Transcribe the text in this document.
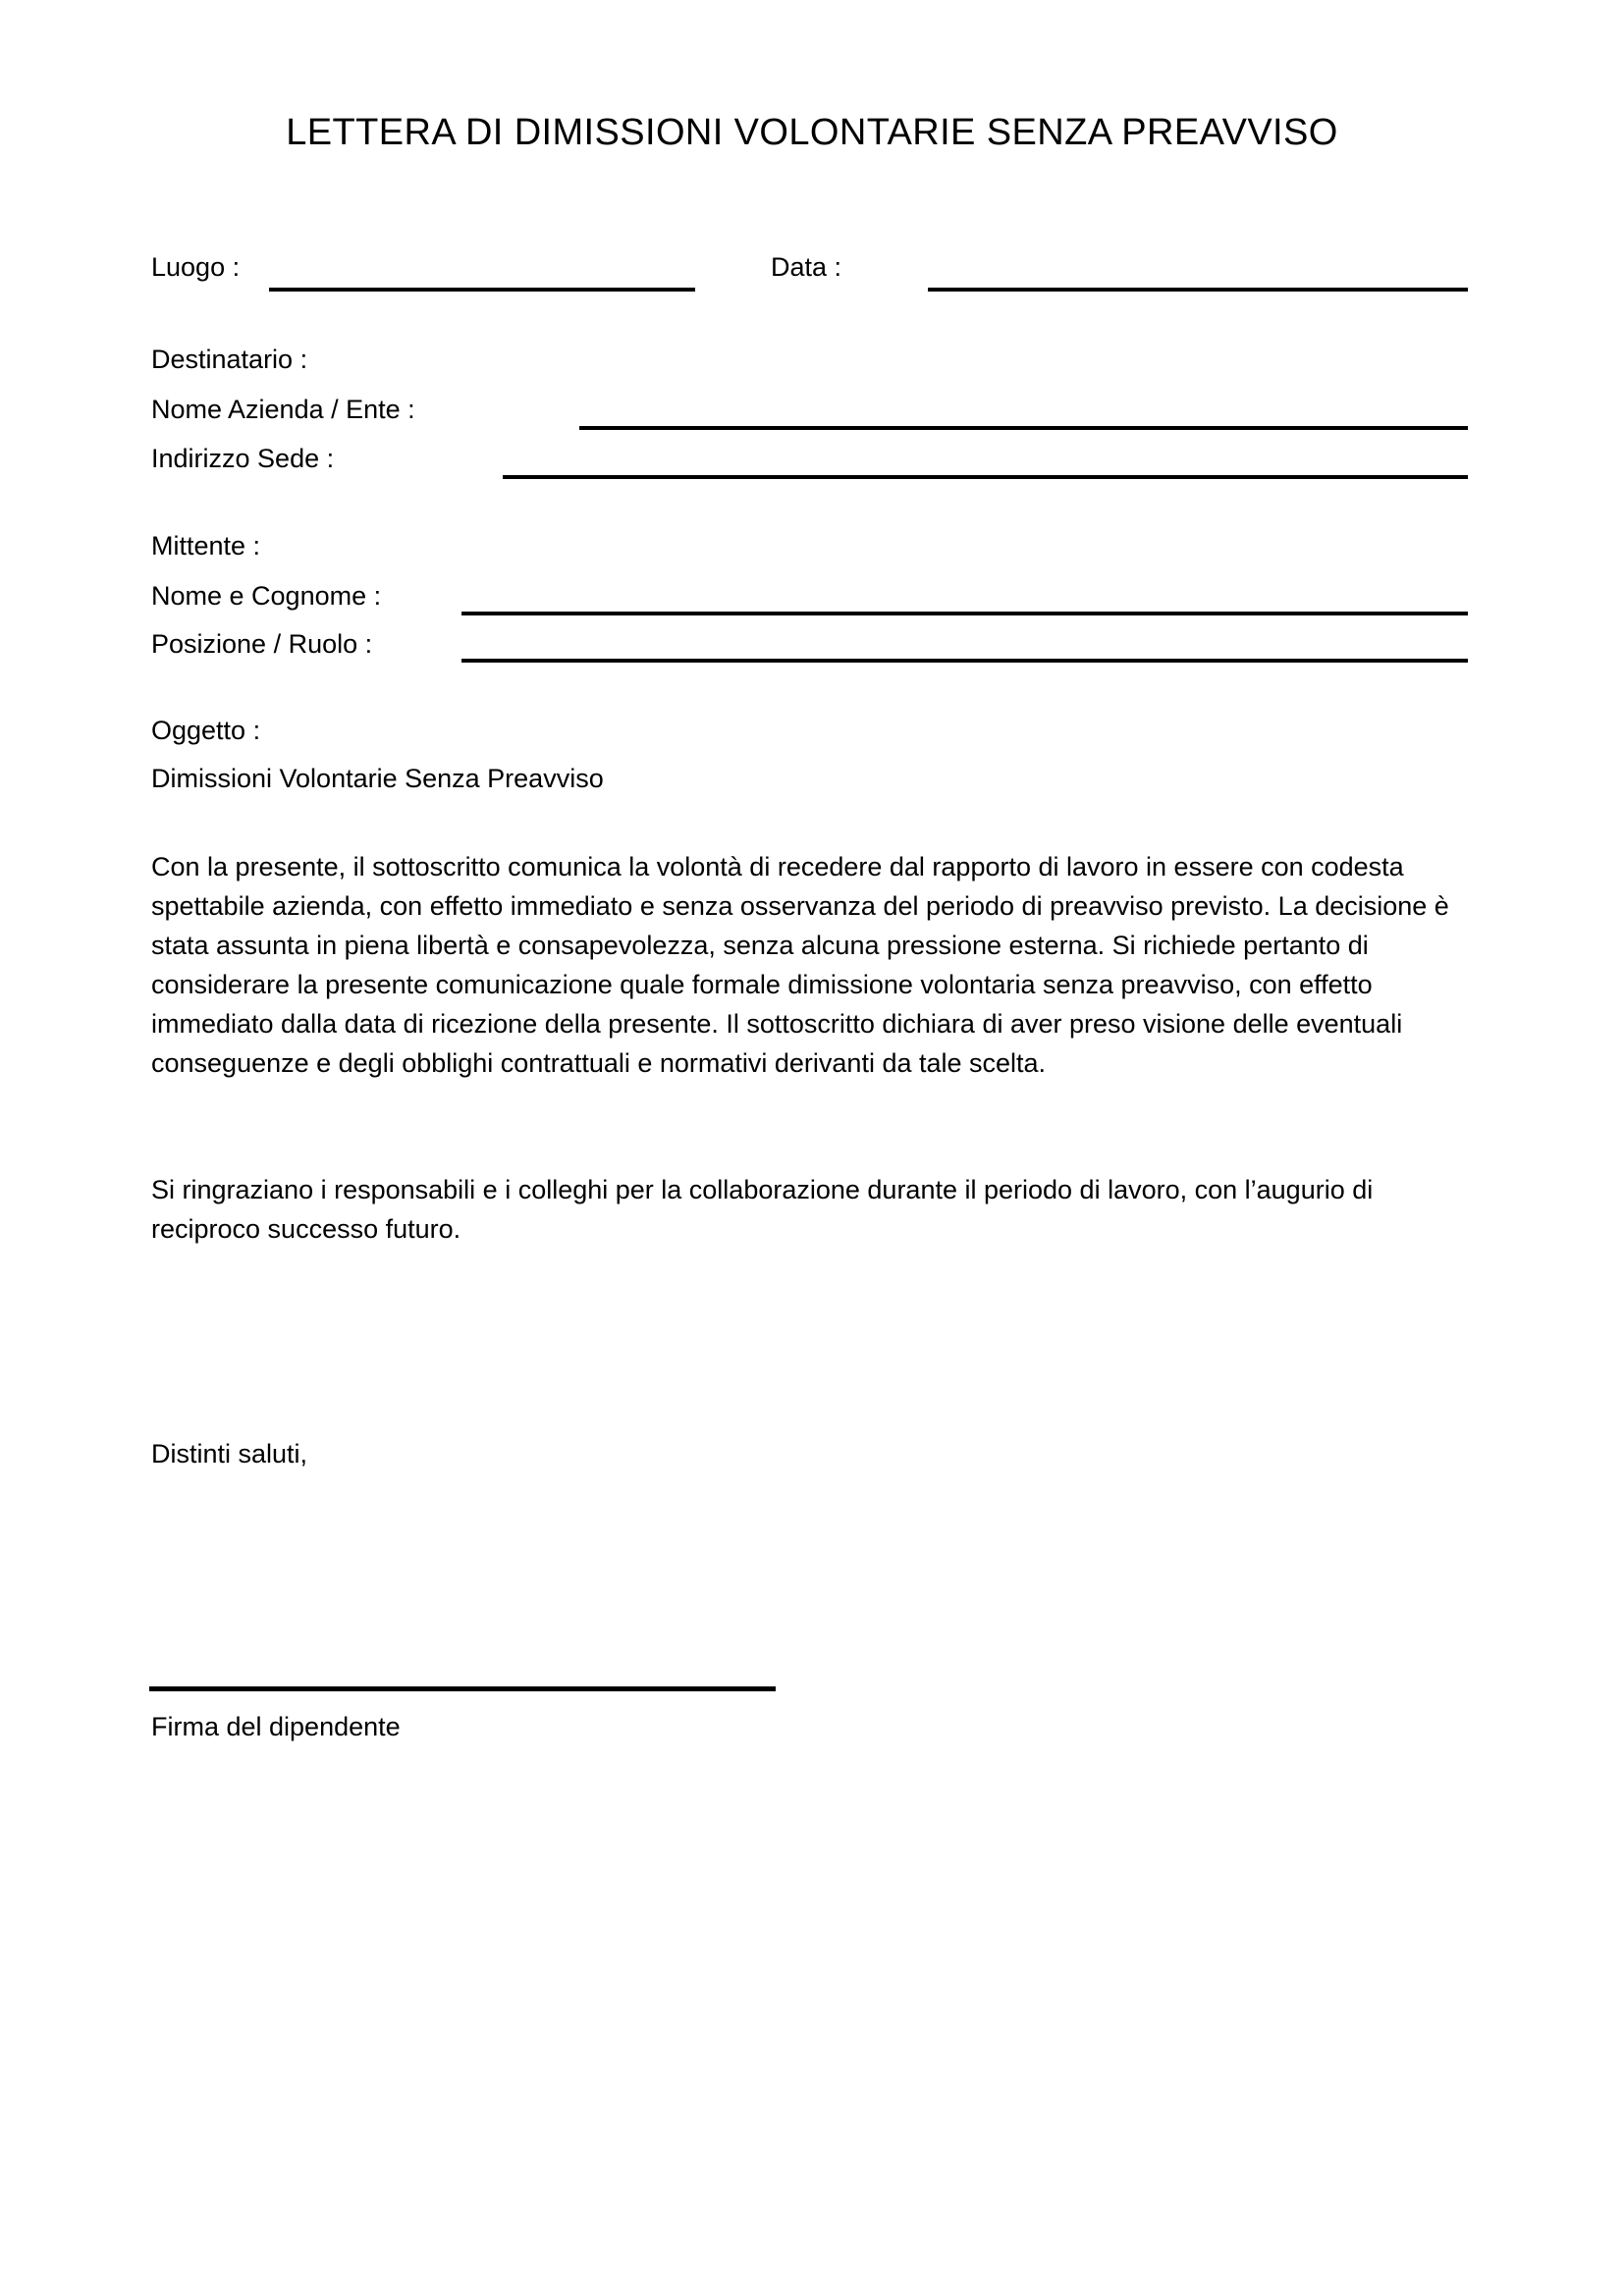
LETTERA DI DIMISSIONI VOLONTARIE SENZA PREAVVISO
Luogo :	Data :
Destinatario :
Nome Azienda / Ente :
Indirizzo Sede :
Mittente :
Nome e Cognome :
Posizione / Ruolo :
Oggetto :
Dimissioni Volontarie Senza Preavviso
Con la presente, il sottoscritto comunica la volontà di recedere dal rapporto di lavoro in essere con codesta spettabile azienda, con effetto immediato e senza osservanza del periodo di preavviso previsto. La decisione è stata assunta in piena libertà e consapevolezza, senza alcuna pressione esterna. Si richiede pertanto di considerare la presente comunicazione quale formale dimissione volontaria senza preavviso, con effetto immediato dalla data di ricezione della presente. Il sottoscritto dichiara di aver preso visione delle eventuali conseguenze e degli obblighi contrattuali e normativi derivanti da tale scelta.
Si ringraziano i responsabili e i colleghi per la collaborazione durante il periodo di lavoro, con l’augurio di reciproco successo futuro.
Distinti saluti,
Firma del dipendente
